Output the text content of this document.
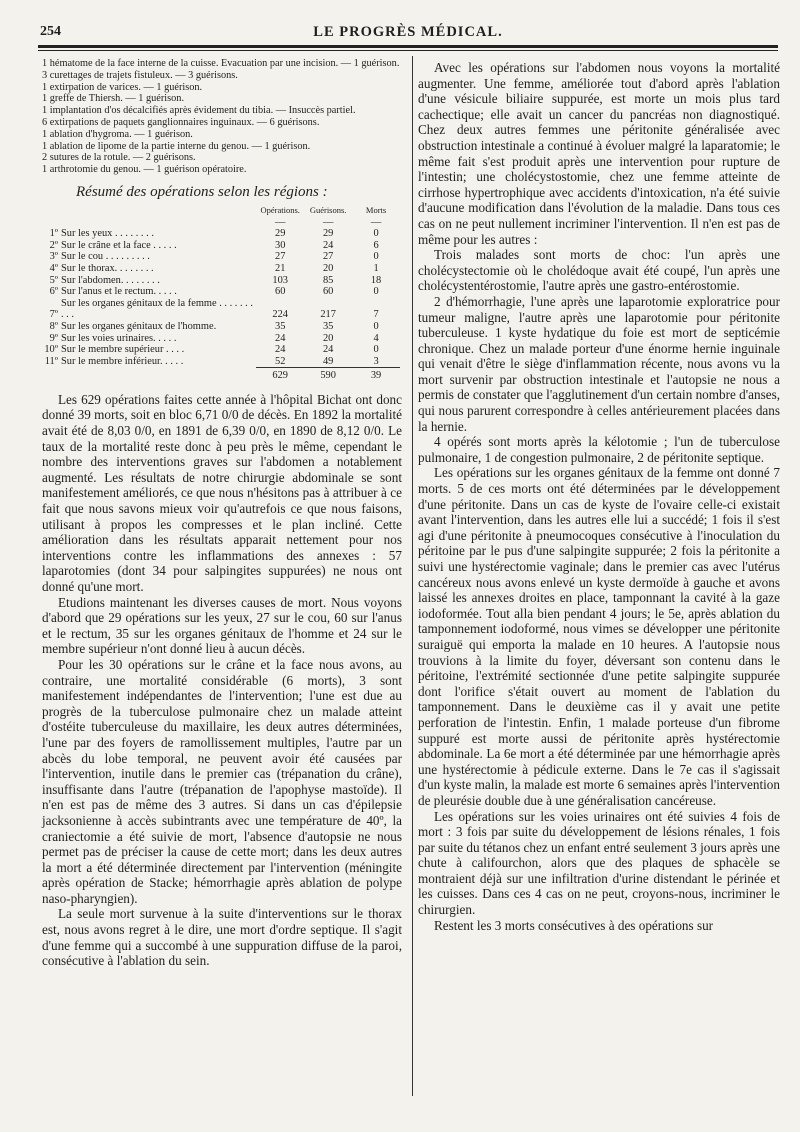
254	LE PROGRÈS MÉDICAL.
1 hématome de la face interne de la cuisse. Evacuation par une incision. — 1 guérison.
3 curettages de trajets fistuleux. — 3 guérisons.
1 extirpation de varices. — 1 guérison.
1 greffe de Thiersh. — 1 guérison.
1 implantation d'os décalcifiés après évidement du tibia. — Insuccès partiel.
6 extirpations de paquets ganglionnaires inguinaux. — 6 guérisons.
1 ablation d'hygroma. — 1 guérison.
1 ablation de lipome de la partie interne du genou. — 1 guérison.
2 sutures de la rotule. — 2 guérisons.
1 arthrotomie du genou. — 1 guérison opératoire.
Résumé des opérations selon les régions :
		Opérations.	Guérisons.	Morts
		—	—	—
1º	Sur les yeux . . . . . . . .	29	29	0
2º	Sur le crâne et la face . . . . .	30	24	6
3º	Sur le cou . . . . . . . . .	27	27	0
4º	Sur le thorax. . . . . . . .	21	20	1
5º	Sur l'abdomen. . . . . . . .	103	85	18
6º	Sur l'anus et le rectum. . . . .	60	60	0
7º	Sur les organes génitaux de la femme . . . . . . . . . .	224	217	7
8º	Sur les organes génitaux de l'homme.	35	35	0
9º	Sur les voies urinaires. . . . .	24	20	4
10º	Sur le membre supérieur . . . .	24	24	0
11º	Sur le membre inférieur. . . . .	52	49	3
		629	590	39

Les 629 opérations faites cette année à l'hôpital Bichat ont donc donné 39 morts, soit en bloc 6,71 0/0 de décès. En 1892 la mortalité avait été de 8,03 0/0, en 1891 de 6,39 0/0, en 1890 de 8,12 0/0. Le taux de la mortalité reste donc à peu près le même, cependant le nombre des interventions graves sur l'abdomen a notablement augmenté. Les résultats de notre chirurgie abdominale se sont manifestement améliorés, ce que nous n'hésitons pas à attribuer à ce fait que nous savons mieux voir qu'autrefois ce que nous faisons, utilisant à propos les compresses et le plan incliné. Cette amélioration dans les résultats apparait nettement pour nos interventions contre les inflammations des annexes : 57 laparotomies (dont 34 pour salpingites suppurées) ne nous ont donné qu'une mort.

Etudions maintenant les diverses causes de mort. Nous voyons d'abord que 29 opérations sur les yeux, 27 sur le cou, 60 sur l'anus et le rectum, 35 sur les organes génitaux de l'homme et 24 sur le membre supérieur n'ont donné lieu à aucun décès.

Pour les 30 opérations sur le crâne et la face nous avons, au contraire, une mortalité considérable (6 morts), 3 sont manifestement indépendantes de l'intervention; l'une est due au progrès de la tuberculose pulmonaire chez un malade atteint d'ostéite tuberculeuse du maxillaire, les deux autres déterminées, l'une par des foyers de ramollissement multiples, l'autre par un abcès du lobe temporal, ne peuvent avoir été causées par l'intervention, inutile dans le premier cas (trépanation du crâne), insuffisante dans l'autre (trépanation de l'apophyse mastoïde). Il n'en est pas de même des 3 autres. Si dans un cas d'épilepsie jacksonienne à accès subintrants avec une température de 40º, la craniectomie a été suivie de mort, l'absence d'autopsie ne nous permet pas de préciser la cause de cette mort; dans les deux autres la mort a été déterminée directement par l'intervention (méningite après opération de Stacke; hémorrhagie après ablation de polype naso-pharyngien).

La seule mort survenue à la suite d'interventions sur le thorax est, nous avons regret à le dire, une mort d'ordre septique. Il s'agit d'une femme qui a succombé à une suppuration diffuse de la paroi, consécutive à l'ablation du sein.

Avec les opérations sur l'abdomen nous voyons la mortalité augmenter. Une femme, améliorée tout d'abord après l'ablation d'une vésicule biliaire suppurée, est morte un mois plus tard cachectique; elle avait un cancer du pancréas non diagnostiqué. Chez deux autres femmes une péritonite généralisée avec obstruction intestinale a continué à évoluer malgré la laparatomie; le même fait s'est produit après une intervention pour rupture de l'intestin; une cholécystostomie, chez une femme atteinte de cirrhose hypertrophique avec accidents d'intoxication, n'a été suivie d'aucune modification dans l'évolution de la maladie. Dans tous ces cas on ne peut nullement incriminer l'intervention. Il n'en est pas de même pour les autres :

Trois malades sont morts de choc: l'un après une cholécystectomie où le cholédoque avait été coupé, l'un après une cholécystentérostomie, l'autre après une gastro-entérostomie.

2 d'hémorrhagie, l'une après une laparotomie exploratrice pour tumeur maligne, l'autre après une laparotomie pour péritonite tuberculeuse. 1 kyste hydatique du foie est mort de septicémie chronique. Chez un malade porteur d'une énorme hernie inguinale qui venait d'être le siège d'inflammation récente, nous avons vu la mort survenir par obstruction intestinale et l'autopsie ne nous a permis de constater que l'agglutinement d'un certain nombre d'anses, qui nous parurent correspondre à celles antérieurement placées dans la hernie.

4 opérés sont morts après la kélotomie ; l'un de tuberculose pulmonaire, 1 de congestion pulmonaire, 2 de péritonite septique.

Les opérations sur les organes génitaux de la femme ont donné 7 morts. 5 de ces morts ont été déterminées par le développement d'une péritonite. Dans un cas de kyste de l'ovaire celle-ci existait avant l'intervention, dans les autres elle lui a succédé; 1 fois il s'est agi d'une péritonite à pneumocoques consécutive à l'inoculation du péritoine par le pus d'une salpingite suppurée; 2 fois la péritonite a suivi une hystérectomie vaginale; dans le premier cas avec l'utérus cancéreux nous avons enlevé un kyste dermoïde à gauche et avons laissé les annexes droites en place, tamponnant la cavité à la gaze iodoformée. Tout alla bien pendant 4 jours; le 5e, après ablation du tamponnement iodoformé, nous vimes se développer une péritonite suraiguë qui emporta la malade en 10 heures. A l'autopsie nous trouvions à la limite du foyer, déversant son contenu dans le péritoine, l'extrémité sectionnée d'une petite salpingite suppurée dont l'orifice s'était ouvert au moment de l'ablation du tamponnement. Dans le deuxième cas il y avait une petite perforation de l'intestin. Enfin, 1 malade porteuse d'un fibrome suppuré est morte aussi de péritonite après hystérectomie abdominale. La 6e mort a été déterminée par une hémorrhagie après une hystérectomie à pédicule externe. Dans le 7e cas il s'agissait d'un kyste malin, la malade est morte 6 semaines après l'intervention de pleurésie double due à une généralisation cancéreuse.

Les opérations sur les voies urinaires ont été suivies 4 fois de mort : 3 fois par suite du développement de lésions rénales, 1 fois par suite du tétanos chez un enfant entré seulement 3 jours après une chute à califourchon, alors que des plaques de sphacèle se montraient déjà sur une infiltration d'urine distendant le périnée et les cuisses. Dans ces 4 cas on ne peut, croyons-nous, incriminer le chirurgien.

Restent les 3 morts consécutives à des opérations sur
